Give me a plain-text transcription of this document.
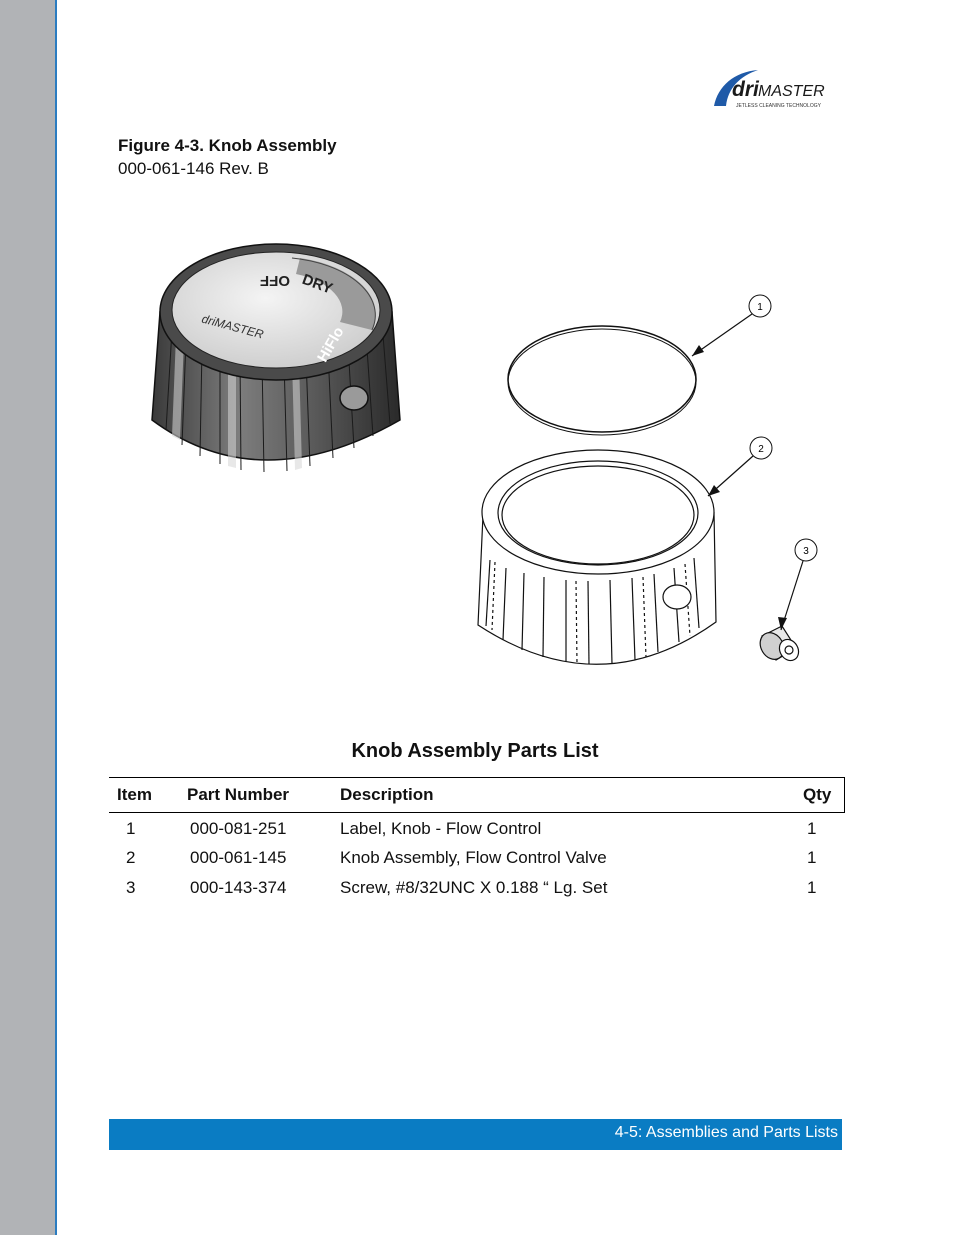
dri MASTER
JETLESS CLEANING TECHNOLOGY
Figure 4-3. Knob Assembly
000-061-146 Rev. B
OFF DRY
HiFlo
driMASTER
1
2
3
Knob Assembly Parts List
Item Part Number	Description	Qty
1	000-081-251	Label, Knob - Flow Control	1
2	000-061-145	Knob Assembly, Flow Control Valve	1
3	000-143-374	Screw, #8/32UNC X 0.188 “ Lg. Set	1
4-5: Assemblies and Parts Lists
